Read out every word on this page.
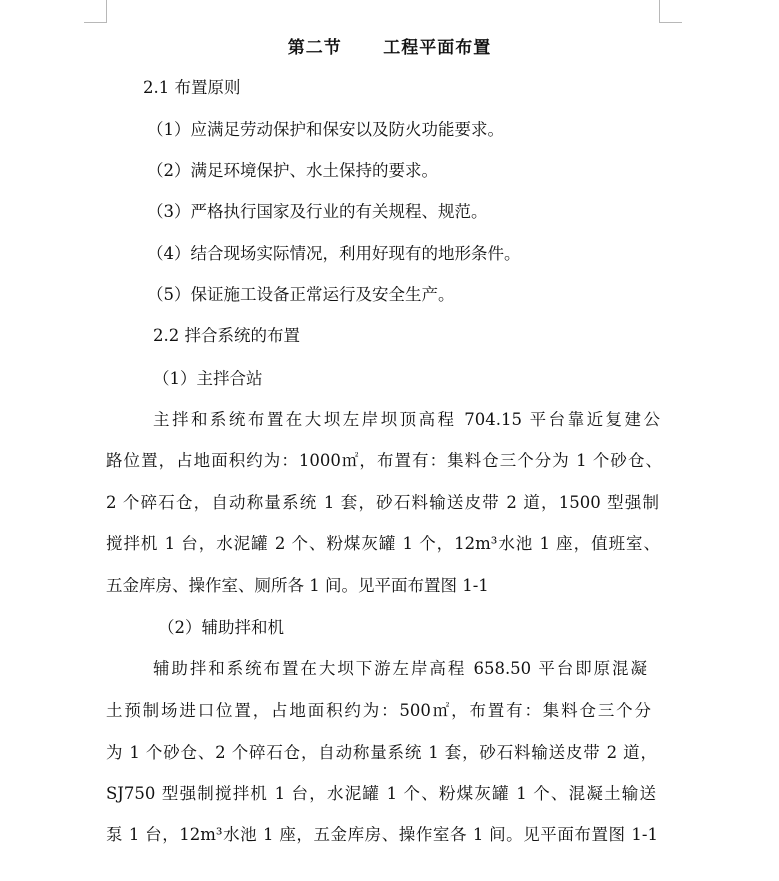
第二节      工程平面布置
2.1 布置原则
（1）应满足劳动保护和保安以及防火功能要求。
（2）满足环境保护、水土保持的要求。
（3）严格执行国家及行业的有关规程、规范。
（4）结合现场实际情况，利用好现有的地形条件。
（5）保证施工设备正常运行及安全生产。
2.2 拌合系统的布置
（1）主拌合站
主拌和系统布置在大坝左岸坝顶高程 704.15 平台靠近复建公
路位置，占地面积约为：1000㎡，布置有：集料仓三个分为 1 个砂仓、
2 个碎石仓，自动称量系统 1 套，砂石料输送皮带 2 道，1500 型强制
搅拌机 1 台，水泥罐 2 个、粉煤灰罐 1 个，12m³水池 1 座，值班室、
五金库房、操作室、厕所各 1 间。见平面布置图 1-1
（2）辅助拌和机
辅助拌和系统布置在大坝下游左岸高程 658.50 平台即原混凝
土预制场进口位置，占地面积约为：500㎡，布置有：集料仓三个分
为 1 个砂仓、2 个碎石仓，自动称量系统 1 套，砂石料输送皮带 2 道，
SJ750 型强制搅拌机 1 台，水泥罐 1 个、粉煤灰罐 1 个、混凝土输送
泵 1 台，12m³水池 1 座，五金库房、操作室各 1 间。见平面布置图 1-1
